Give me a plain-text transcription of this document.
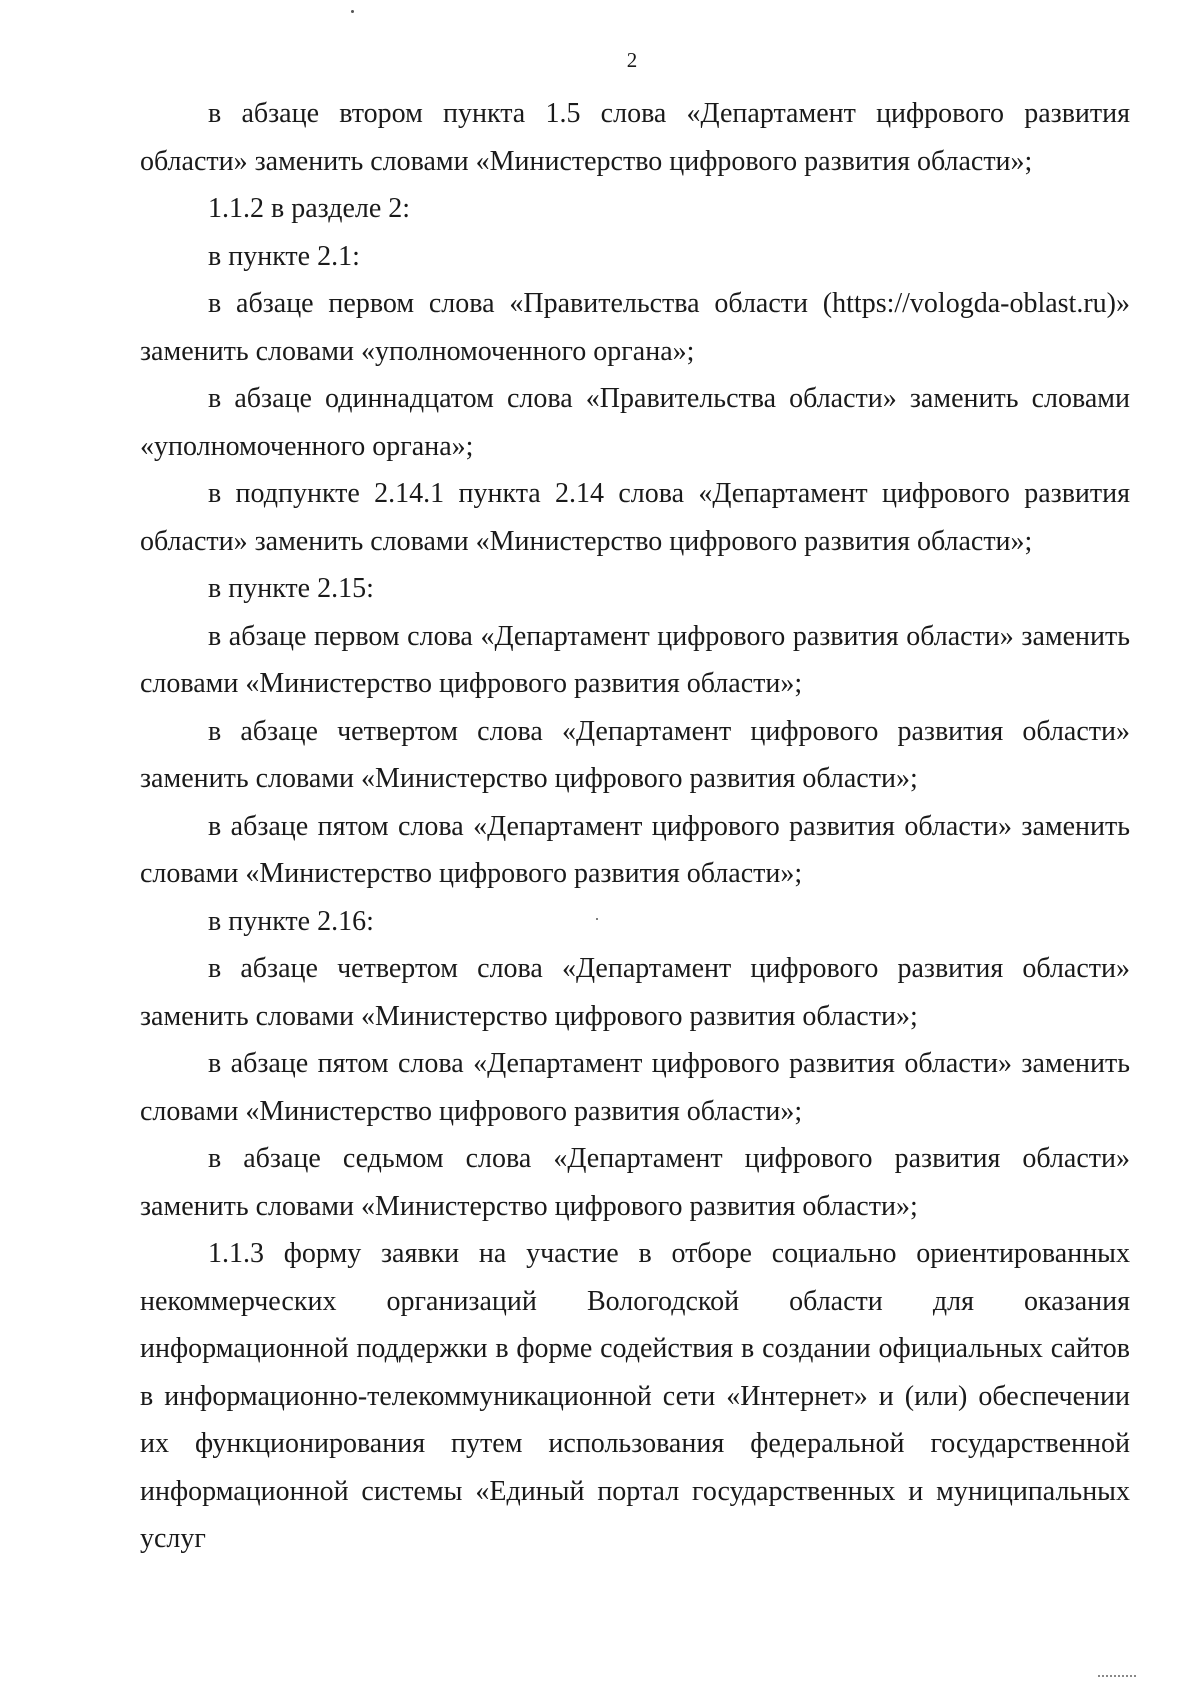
2

в абзаце втором пункта 1.5 слова «Департамент цифрового развития области» заменить словами «Министерство цифрового развития области»;

1.1.2 в разделе 2:

в пункте 2.1:

в абзаце первом слова «Правительства области (https://vologda-oblast.ru)» заменить словами «уполномоченного органа»;

в абзаце одиннадцатом слова «Правительства области» заменить словами «уполномоченного органа»;

в подпункте 2.14.1 пункта 2.14 слова «Департамент цифрового развития области» заменить словами «Министерство цифрового развития области»;

в пункте 2.15:

в абзаце первом слова «Департамент цифрового развития области» заменить словами «Министерство цифрового развития области»;

в абзаце четвертом слова «Департамент цифрового развития области» заменить словами «Министерство цифрового развития области»;

в абзаце пятом слова «Департамент цифрового развития области» заменить словами «Министерство цифрового развития области»;

в пункте 2.16:

в абзаце четвертом слова «Департамент цифрового развития области» заменить словами «Министерство цифрового развития области»;

в абзаце пятом слова «Департамент цифрового развития области» заменить словами «Министерство цифрового развития области»;

в абзаце седьмом слова «Департамент цифрового развития области» заменить словами «Министерство цифрового развития области»;

1.1.3 форму заявки на участие в отборе социально ориентированных некоммерческих организаций Вологодской области для оказания информационной поддержки в форме содействия в создании официальных сайтов в информационно-телекоммуникационной сети «Интернет» и (или) обеспечении их функционирования путем использования федеральной государственной информационной системы «Единый портал государственных и муниципальных услуг
